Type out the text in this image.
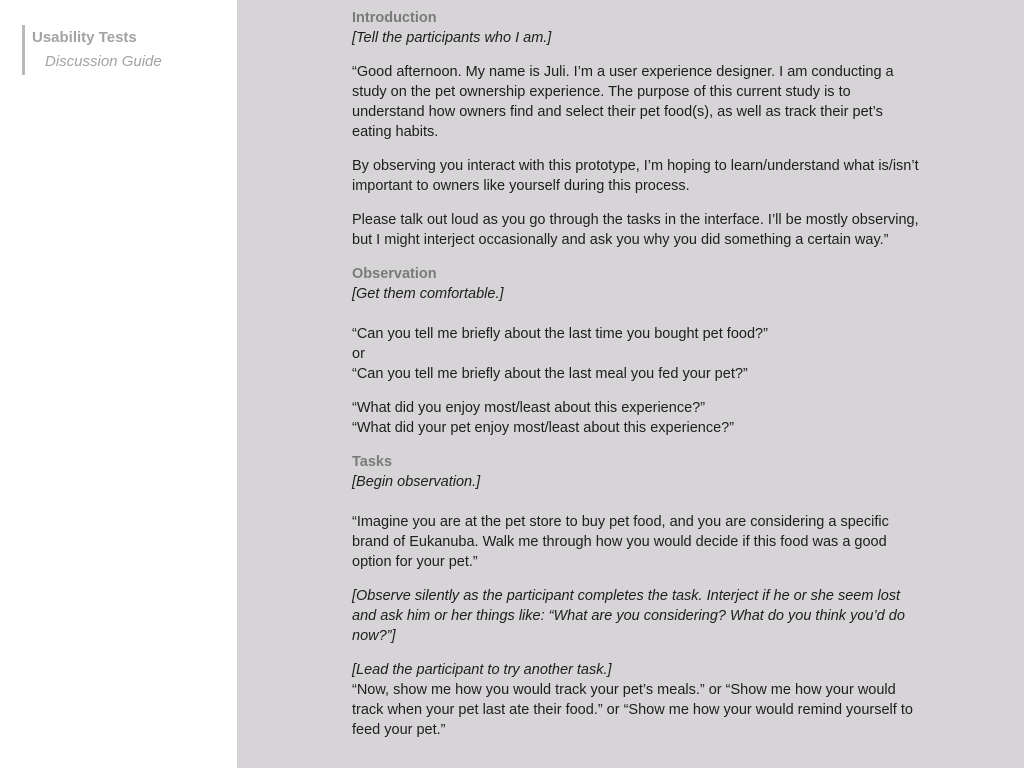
Usability Tests
Discussion Guide

Introduction
[Tell the participants who I am.]

“Good afternoon. My name is Juli. I’m a user experience designer. I am conducting a study on the pet ownership experience. The purpose of this current study is to understand how owners find and select their pet food(s), as well as track their pet’s eating habits.

By observing you interact with this prototype, I’m hoping to learn/understand what is/isn’t important to owners like yourself during this process.

Please talk out loud as you go through the tasks in the interface. I’ll be mostly observing, but I might interject occasionally and ask you why you did something a certain way.”

Observation
[Get them comfortable.]

“Can you tell me briefly about the last time you bought pet food?”
or
“Can you tell me briefly about the last meal you fed your pet?”

“What did you enjoy most/least about this experience?”
“What did your pet enjoy most/least about this experience?”

Tasks
[Begin observation.]

“Imagine you are at the pet store to buy pet food, and you are considering a specific brand of Eukanuba. Walk me through how you would decide if this food was a good option for your pet.”

[Observe silently as the participant completes the task. Interject if he or she seem lost and ask him or her things like: “What are you considering? What do you think you’d do now?”]

[Lead the participant to try another task.]
“Now, show me how you would track your pet’s meals.” or “Show me how your would track when your pet last ate their food.” or “Show me how your would remind yourself to feed your pet.”
